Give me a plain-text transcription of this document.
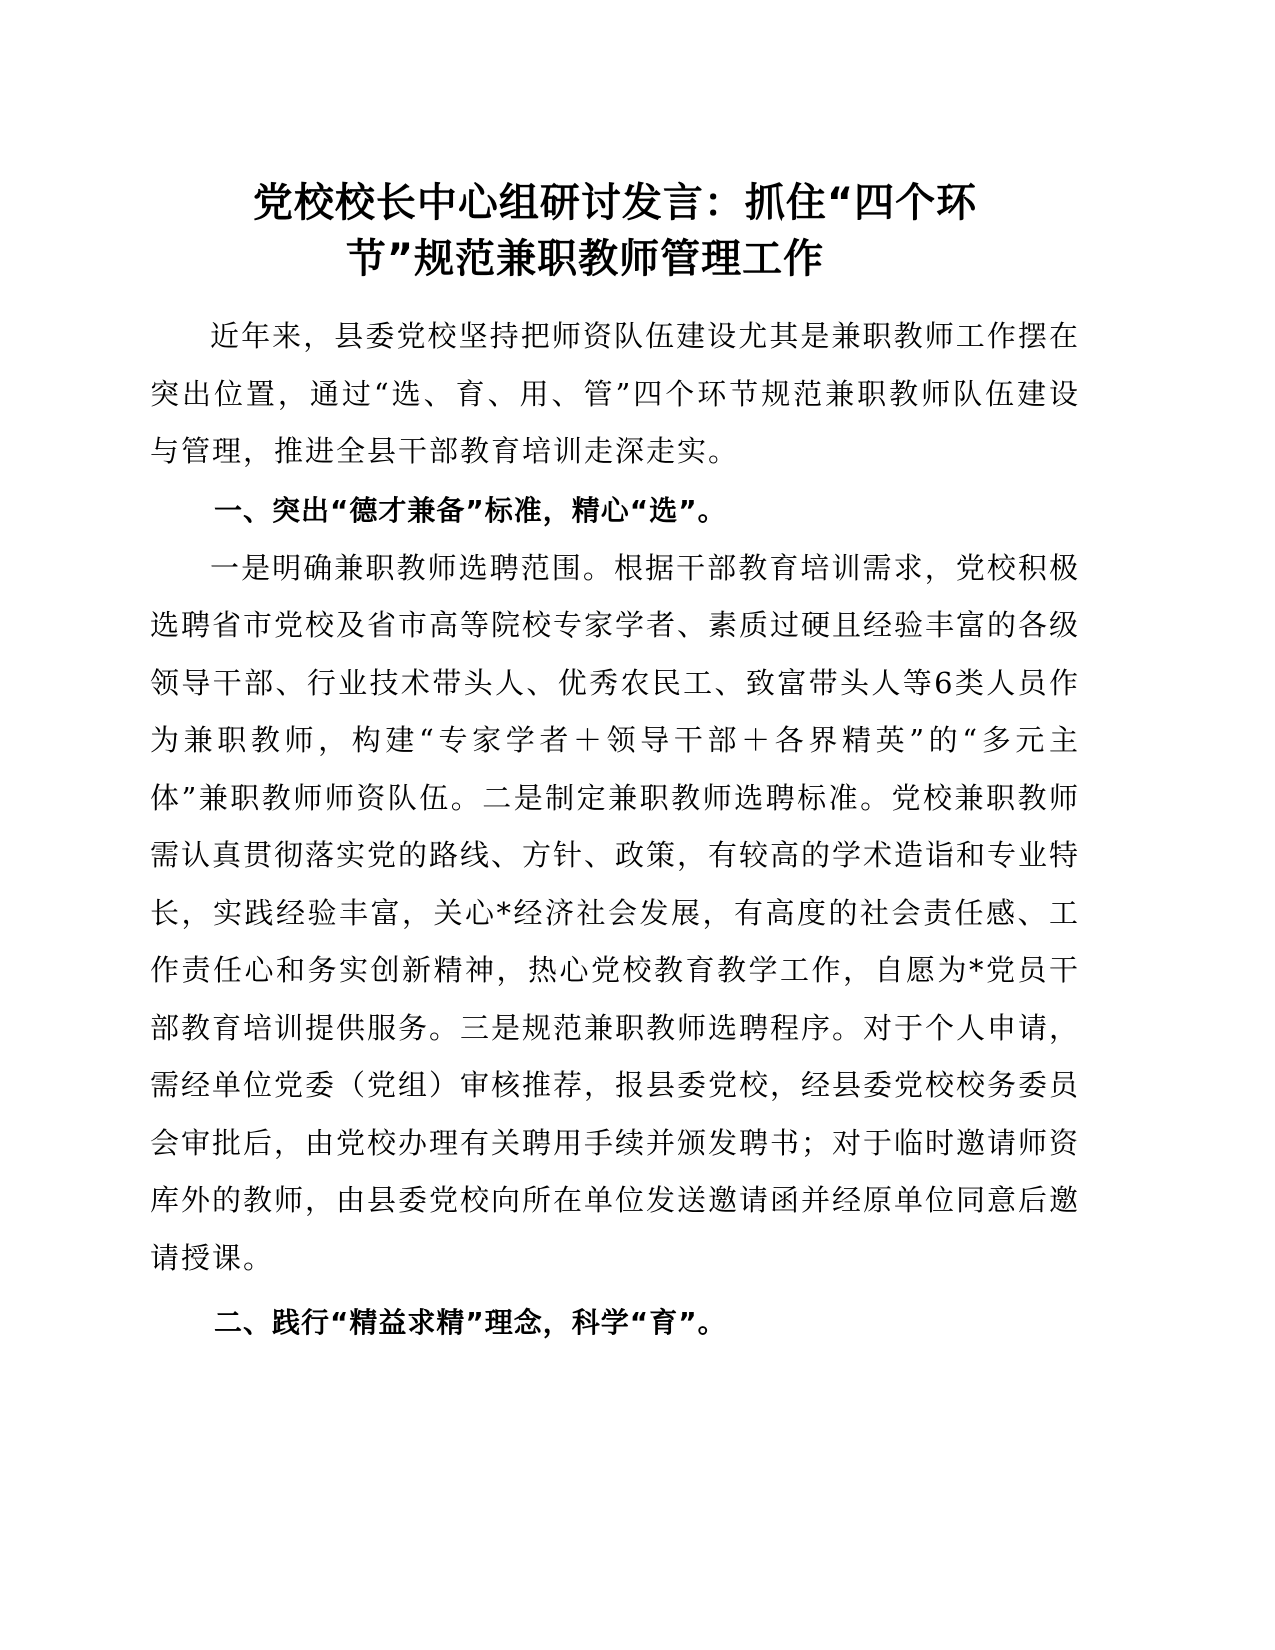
党校校长中心组研讨发言：抓住“四个环
节”规范兼职教师管理工作

近年来，县委党校坚持把师资队伍建设尤其是兼职教师工作摆在突出位置，通过“选、育、用、管”四个环节规范兼职教师队伍建设与管理，推进全县干部教育培训走深走实。

一、突出“德才兼备”标准，精心“选”。

一是明确兼职教师选聘范围。根据干部教育培训需求，党校积极选聘省市党校及省市高等院校专家学者、素质过硬且经验丰富的各级领导干部、行业技术带头人、优秀农民工、致富带头人等6类人员作为兼职教师，构建“专家学者＋领导干部＋各界精英”的“多元主体”兼职教师师资队伍。二是制定兼职教师选聘标准。党校兼职教师需认真贯彻落实党的路线、方针、政策，有较高的学术造诣和专业特长，实践经验丰富，关心*经济社会发展，有高度的社会责任感、工作责任心和务实创新精神，热心党校教育教学工作，自愿为*党员干部教育培训提供服务。三是规范兼职教师选聘程序。对于个人申请，需经单位党委（党组）审核推荐，报县委党校，经县委党校校务委员会审批后，由党校办理有关聘用手续并颁发聘书；对于临时邀请师资库外的教师，由县委党校向所在单位发送邀请函并经原单位同意后邀请授课。

二、践行“精益求精”理念，科学“育”。
